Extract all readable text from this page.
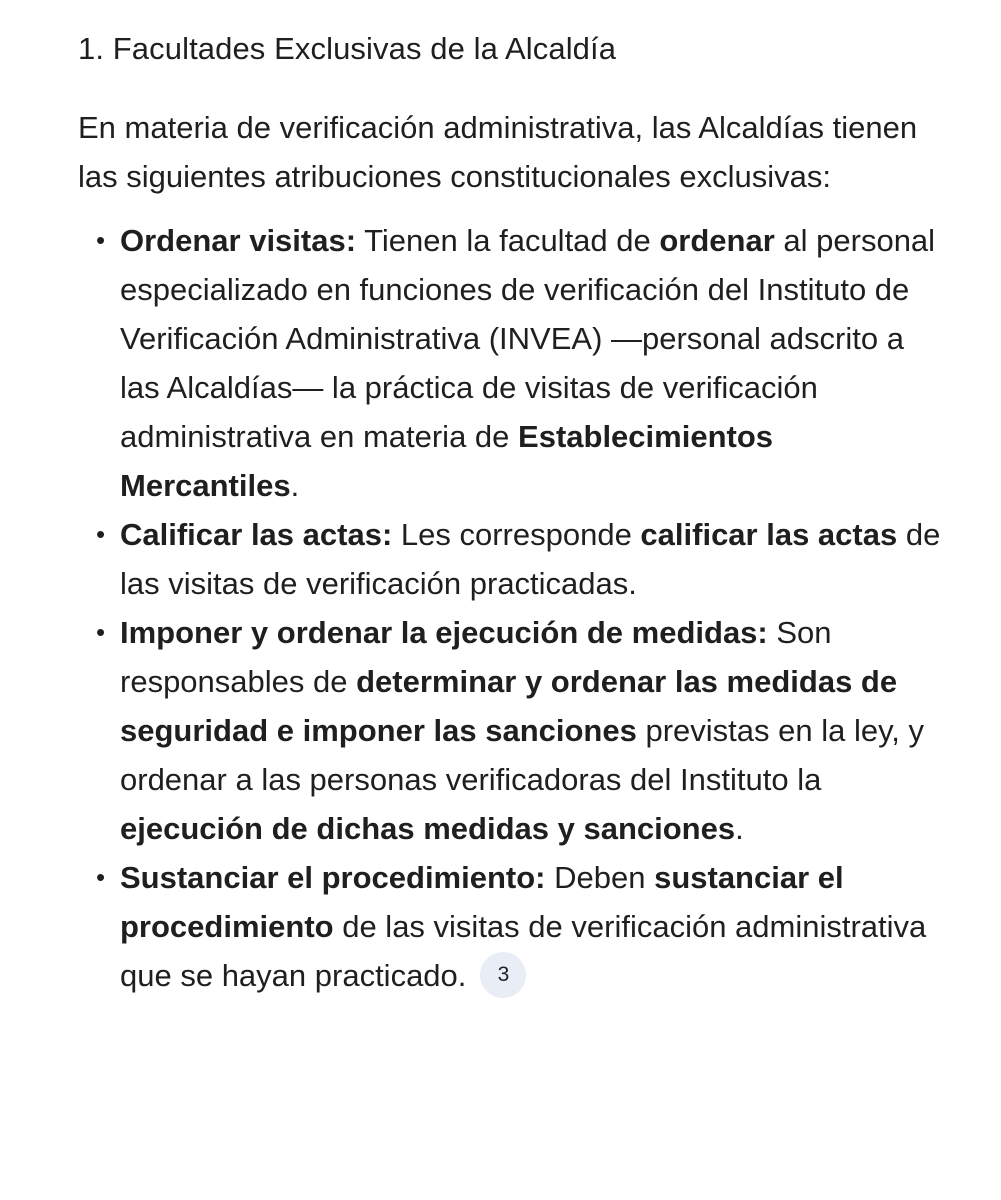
1. Facultades Exclusivas de la Alcaldía

En materia de verificación administrativa, las Alcaldías tienen las siguientes atribuciones constitucionales exclusivas:

• Ordenar visitas: Tienen la facultad de ordenar al personal especializado en funciones de verificación del Instituto de Verificación Administrativa (INVEA) —personal adscrito a las Alcaldías— la práctica de visitas de verificación administrativa en materia de Establecimientos Mercantiles.
• Calificar las actas: Les corresponde calificar las actas de las visitas de verificación practicadas.
• Imponer y ordenar la ejecución de medidas: Son responsables de determinar y ordenar las medidas de seguridad e imponer las sanciones previstas en la ley, y ordenar a las personas verificadoras del Instituto la ejecución de dichas medidas y sanciones.
• Sustanciar el procedimiento: Deben sustanciar el procedimiento de las visitas de verificación administrativa que se hayan practicado. 3
